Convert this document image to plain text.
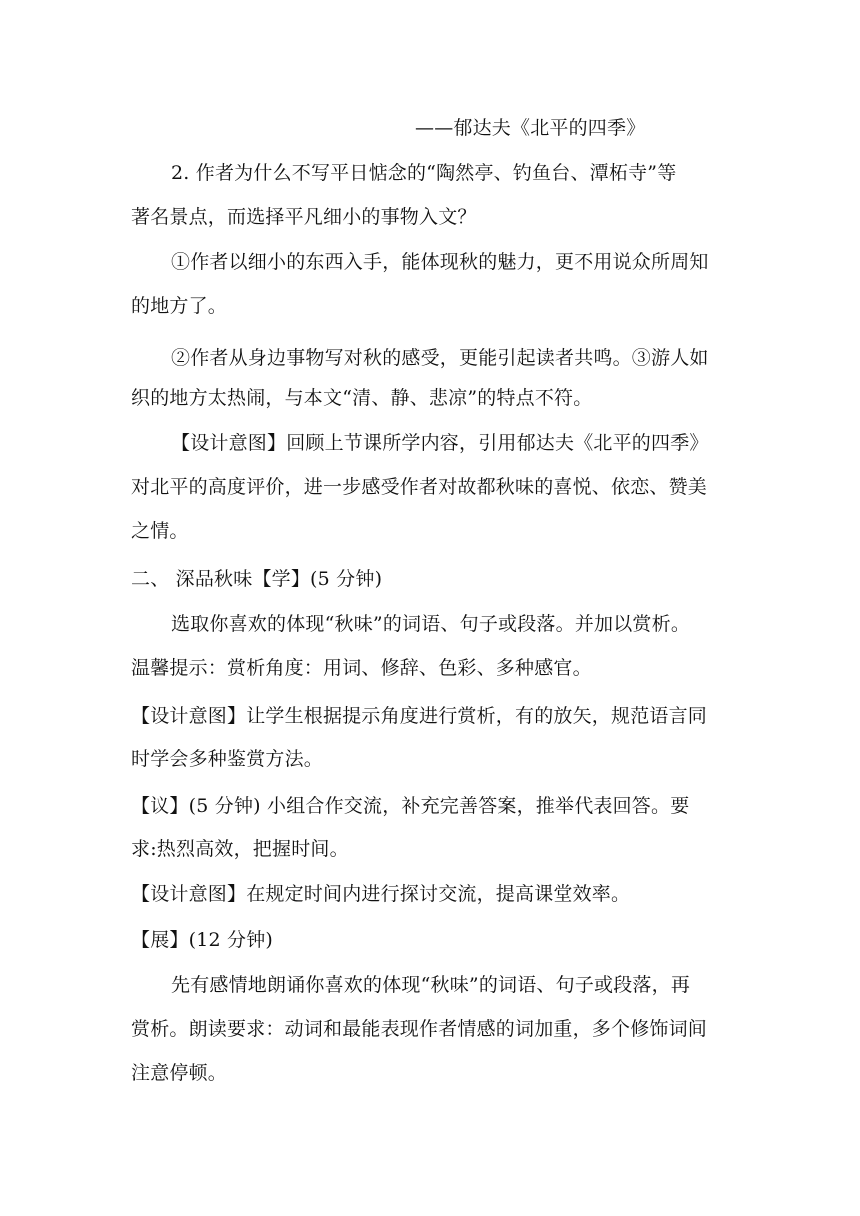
——郁达夫《北平的四季》
2. 作者为什么不写平日惦念的“陶然亭、钓鱼台、潭柘寺”等
著名景点，而选择平凡细小的事物入文？
①作者以细小的东西入手，能体现秋的魅力，更不用说众所周知
的地方了。
②作者从身边事物写对秋的感受，更能引起读者共鸣。③游人如
织的地方太热闹，与本文“清、静、悲凉”的特点不符。
【设计意图】回顾上节课所学内容，引用郁达夫《北平的四季》
对北平的高度评价，进一步感受作者对故都秋味的喜悦、依恋、赞美
之情。
二、 深品秋味【学】(5 分钟)
选取你喜欢的体现“秋味”的词语、句子或段落。并加以赏析。
温馨提示：赏析角度：用词、修辞、色彩、多种感官。
【设计意图】让学生根据提示角度进行赏析，有的放矢，规范语言同
时学会多种鉴赏方法。
【议】(5 分钟) 小组合作交流，补充完善答案，推举代表回答。要
求:热烈高效，把握时间。
【设计意图】在规定时间内进行探讨交流，提高课堂效率。
【展】(12 分钟)
先有感情地朗诵你喜欢的体现“秋味”的词语、句子或段落，再
赏析。朗读要求：动词和最能表现作者情感的词加重，多个修饰词间
注意停顿。
